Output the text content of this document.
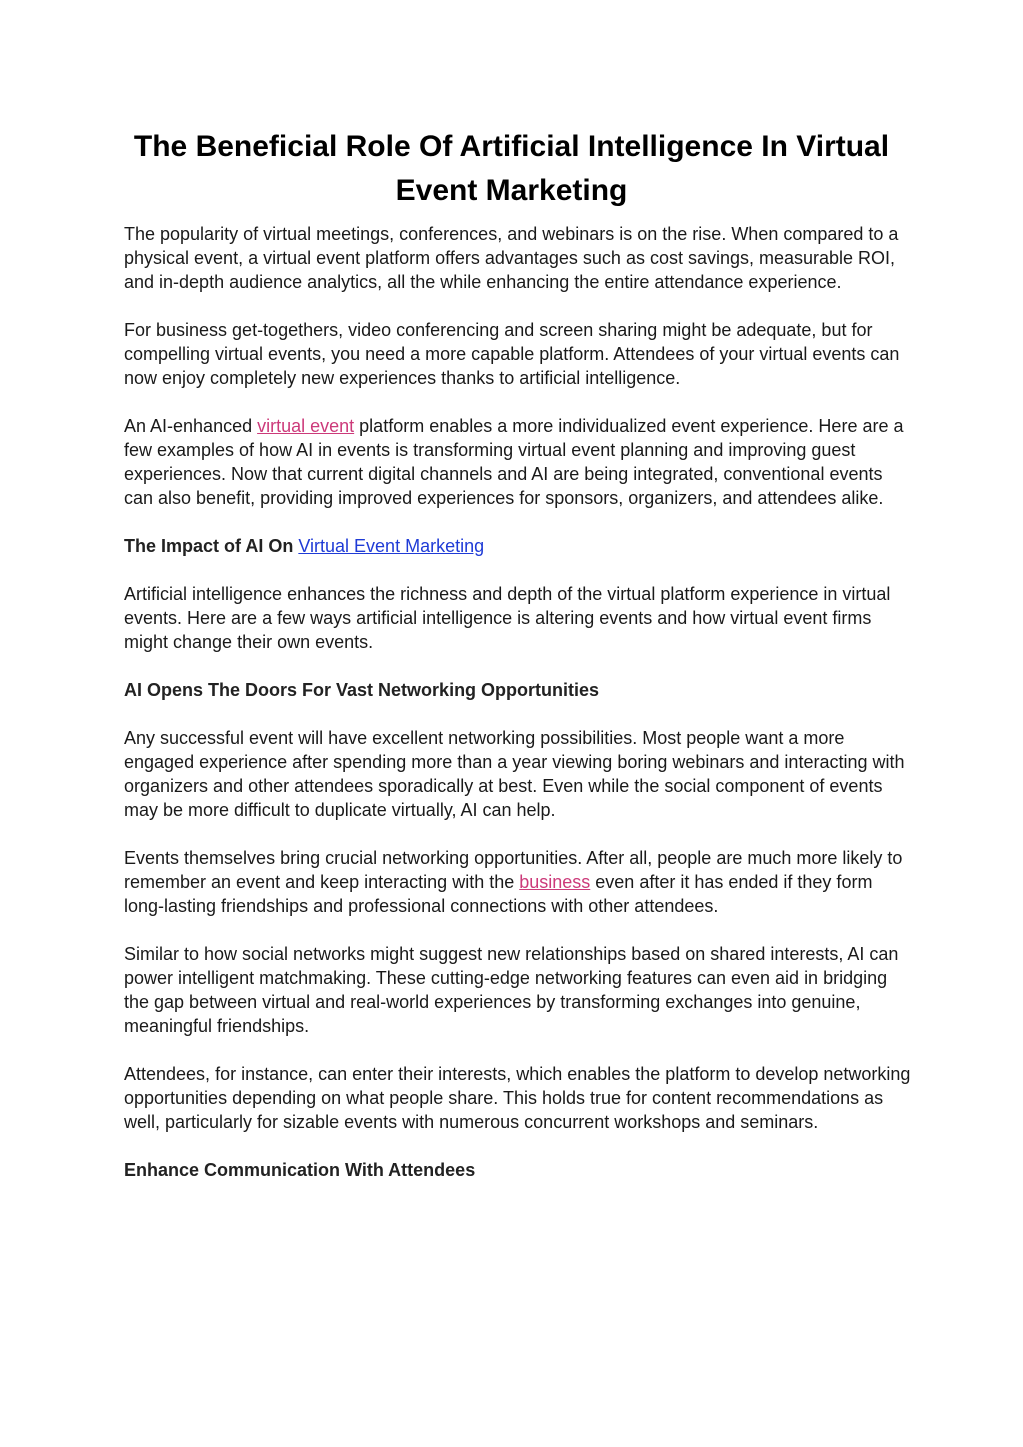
The Beneficial Role Of Artificial Intelligence In Virtual Event Marketing

The popularity of virtual meetings, conferences, and webinars is on the rise. When compared to a physical event, a virtual event platform offers advantages such as cost savings, measurable ROI, and in-depth audience analytics, all the while enhancing the entire attendance experience.

For business get-togethers, video conferencing and screen sharing might be adequate, but for compelling virtual events, you need a more capable platform. Attendees of your virtual events can now enjoy completely new experiences thanks to artificial intelligence.

An AI-enhanced virtual event platform enables a more individualized event experience. Here are a few examples of how AI in events is transforming virtual event planning and improving guest experiences. Now that current digital channels and AI are being integrated, conventional events can also benefit, providing improved experiences for sponsors, organizers, and attendees alike.

The Impact of AI On Virtual Event Marketing

Artificial intelligence enhances the richness and depth of the virtual platform experience in virtual events. Here are a few ways artificial intelligence is altering events and how virtual event firms might change their own events.

AI Opens The Doors For Vast Networking Opportunities

Any successful event will have excellent networking possibilities. Most people want a more engaged experience after spending more than a year viewing boring webinars and interacting with organizers and other attendees sporadically at best. Even while the social component of events may be more difficult to duplicate virtually, AI can help.

Events themselves bring crucial networking opportunities. After all, people are much more likely to remember an event and keep interacting with the business even after it has ended if they form long-lasting friendships and professional connections with other attendees.

Similar to how social networks might suggest new relationships based on shared interests, AI can power intelligent matchmaking. These cutting-edge networking features can even aid in bridging the gap between virtual and real-world experiences by transforming exchanges into genuine, meaningful friendships.

Attendees, for instance, can enter their interests, which enables the platform to develop networking opportunities depending on what people share. This holds true for content recommendations as well, particularly for sizable events with numerous concurrent workshops and seminars.

Enhance Communication With Attendees
